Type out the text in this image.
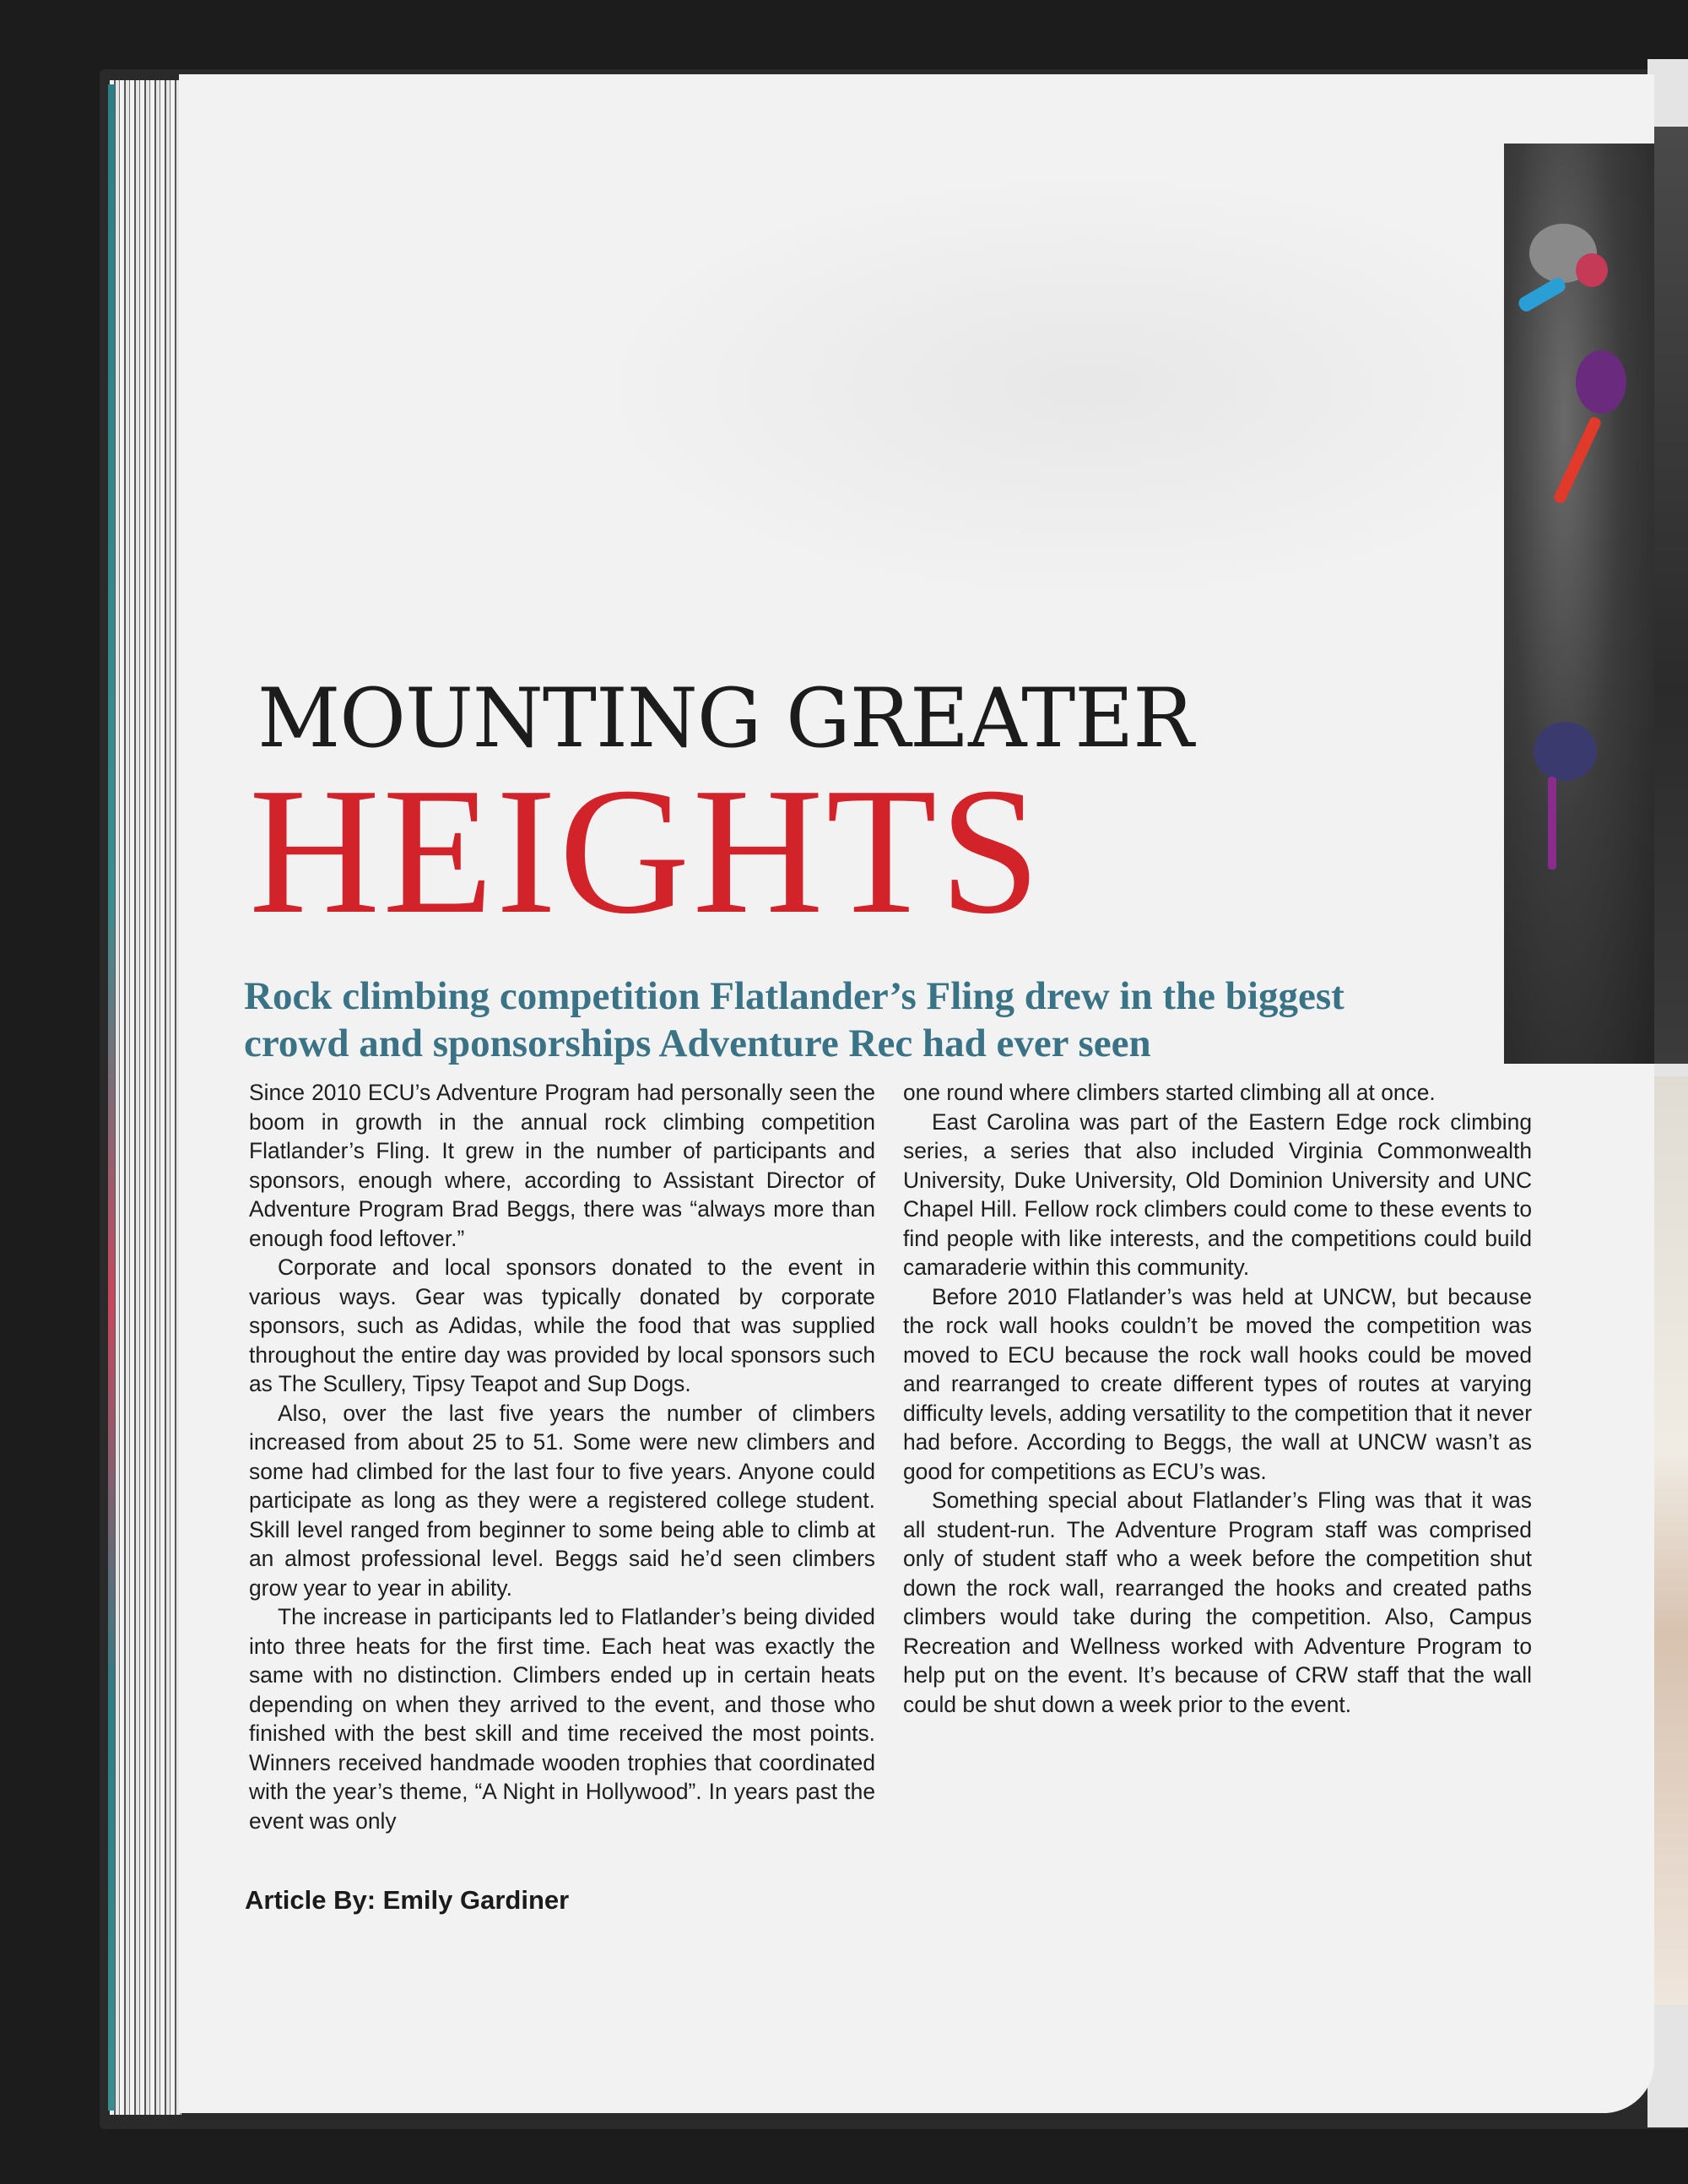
MOUNTING GREATER
HEIGHTS
Rock climbing competition Flatlander’s Fling drew in the biggest
crowd and sponsorships Adventure Rec had ever seen

Since 2010 ECU’s Adventure Program had personally seen the boom in growth in the annual rock climbing competition Flatlander’s Fling. It grew in the number of participants and sponsors, enough where, according to Assistant Director of Adventure Program Brad Beggs, there was “always more than enough food leftover.”

Corporate and local sponsors donated to the event in various ways. Gear was typically donated by corporate sponsors, such as Adidas, while the food that was supplied throughout the entire day was provided by local sponsors such as The Scullery, Tipsy Teapot and Sup Dogs.

Also, over the last five years the number of climbers increased from about 25 to 51. Some were new climbers and some had climbed for the last four to five years. Anyone could participate as long as they were a registered college student. Skill level ranged from beginner to some being able to climb at an almost professional level. Beggs said he’d seen climbers grow year to year in ability.

The increase in participants led to Flatlander’s being divided into three heats for the first time. Each heat was exactly the same with no distinction. Climbers ended up in certain heats depending on when they arrived to the event, and those who finished with the best skill and time received the most points. Winners received handmade wooden trophies that coordinated with the year’s theme, “A Night in Hollywood”. In years past the event was only

one round where climbers started climbing all at once.

East Carolina was part of the Eastern Edge rock climbing series, a series that also included Virginia Commonwealth University, Duke University, Old Dominion University and UNC Chapel Hill. Fellow rock climbers could come to these events to find people with like interests, and the competitions could build camaraderie within this community.

Before 2010 Flatlander’s was held at UNCW, but because the rock wall hooks couldn’t be moved the competition was moved to ECU because the rock wall hooks could be moved and rearranged to create different types of routes at varying difficulty levels, adding versatility to the competition that it never had before. According to Beggs, the wall at UNCW wasn’t as good for competitions as ECU’s was.

Something special about Flatlander’s Fling was that it was all student-run. The Adventure Program staff was comprised only of student staff who a week before the competition shut down the rock wall, rearranged the hooks and created paths climbers would take during the competition. Also, Campus Recreation and Wellness worked with Adventure Program to help put on the event. It’s because of CRW staff that the wall could be shut down a week prior to the event.

Article By: Emily Gardiner
